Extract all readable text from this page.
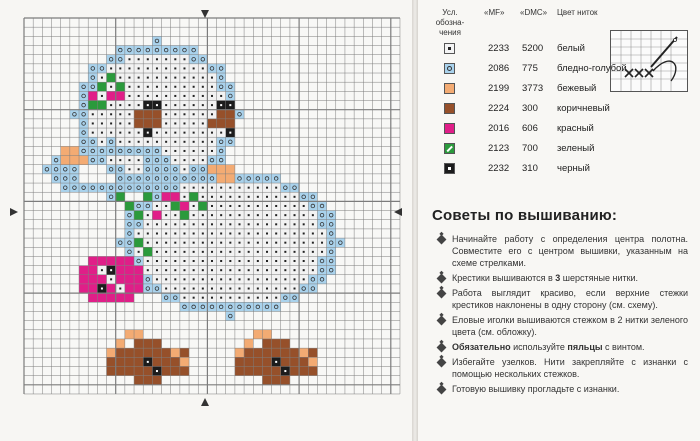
Усл. обозна- чения
«MF» «DMC» Цвет ниток
2233 5200 белый
2086 775 бледно-голубой
2199 3773 бежевый
2224 300 коричневый
2016 606 красный
2123 700 зеленый
2232 310 черный
Советы по вышиванию:
Начинайте работу с определения центра полотна. Совместите его с центром вышивки, указанным на схеме стрелками.
Крестики вышиваются в 3 шерстяные нитки.
Работа выглядит красиво, если верхние стежки крестиков наклонены в одну сторону (см. схему).
Еловые иголки вышиваются стежком в 2 нитки зеленого цвета (см. обложку).
Обязательно используйте пяльцы с винтом.
Избегайте узелков. Нити закрепляйте с изнанки с помощью нескольких стежков.
Готовую вышивку прогладьте с изнанки.
